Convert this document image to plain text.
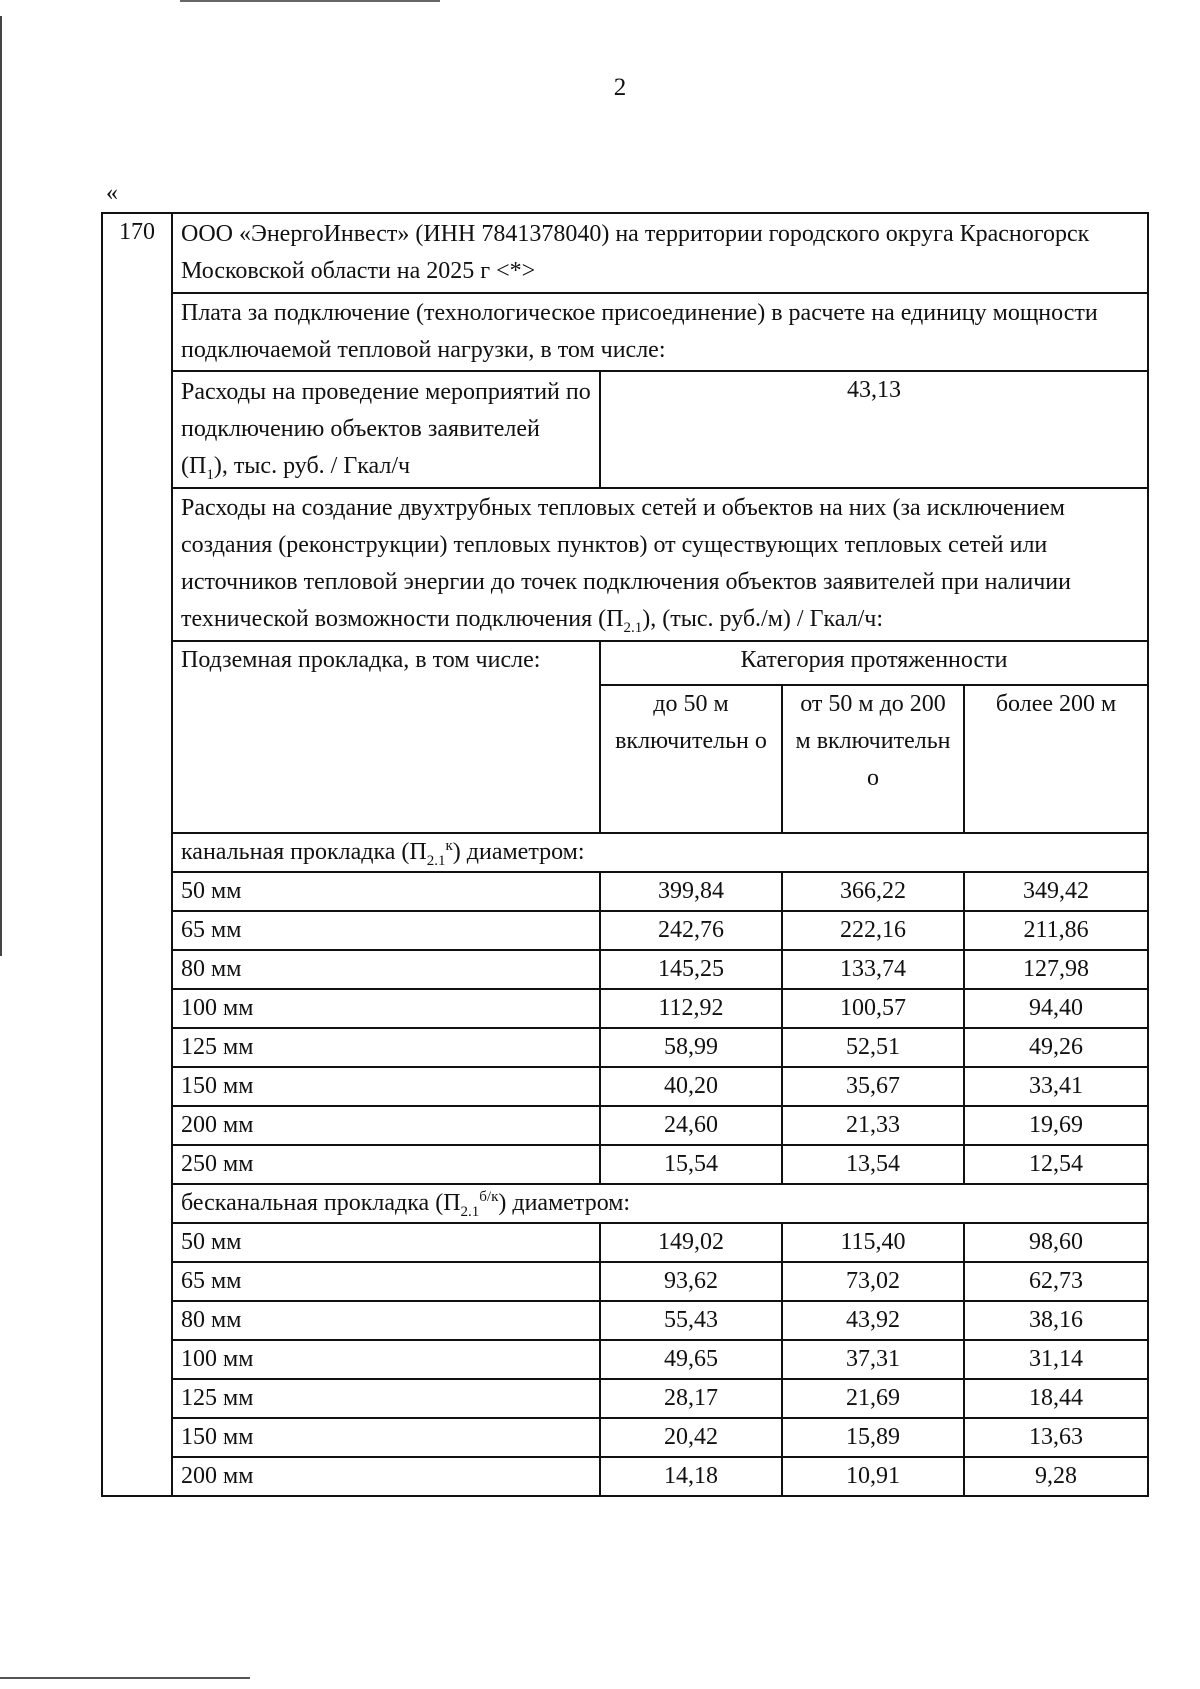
2
«
170	ООО «ЭнергоИнвест» (ИНН 7841378040) на территории городского округа Красногорск Московской области на 2025 г <*>			
	Плата за подключение (технологическое присоединение) в расчете на единицу мощности подключаемой тепловой нагрузки, в том числе:			
	Расходы на проведение мероприятий по подключению объектов заявителей $(П_1)$, тыс. руб. / Гкал/ч	43,13		
	Расходы на создание двухтрубных тепловых сетей и объектов на них (за исключением создания (реконструкции) тепловых пунктов) от существующих тепловых сетей или источников тепловой энергии до точек подключения объектов заявителей при наличии технической возможности подключения $(П_{2.1})$, (тыс. руб./м) / Гкал/ч:			
	Подземная прокладка, в том числе:	Категория протяженности		
		до 50 м включительн о	от 50 м до 200 м включительн о	более 200 м
	канальная прокладка $(П_{2.1}^к)$ диаметром:			
	50 мм	399,84	366,22	349,42
	65 мм	242,76	222,16	211,86
	80 мм	145,25	133,74	127,98
	100 мм	112,92	100,57	94,40
	125 мм	58,99	52,51	49,26
	150 мм	40,20	35,67	33,41
	200 мм	24,60	21,33	19,69
	250 мм	15,54	13,54	12,54
	бесканальная прокладка $(П_{2.1}^{б/к})$ диаметром:			
	50 мм	149,02	115,40	98,60
	65 мм	93,62	73,02	62,73
	80 мм	55,43	43,92	38,16
	100 мм	49,65	37,31	31,14
	125 мм	28,17	21,69	18,44
	150 мм	20,42	15,89	13,63
	200 мм	14,18	10,91	9,28
